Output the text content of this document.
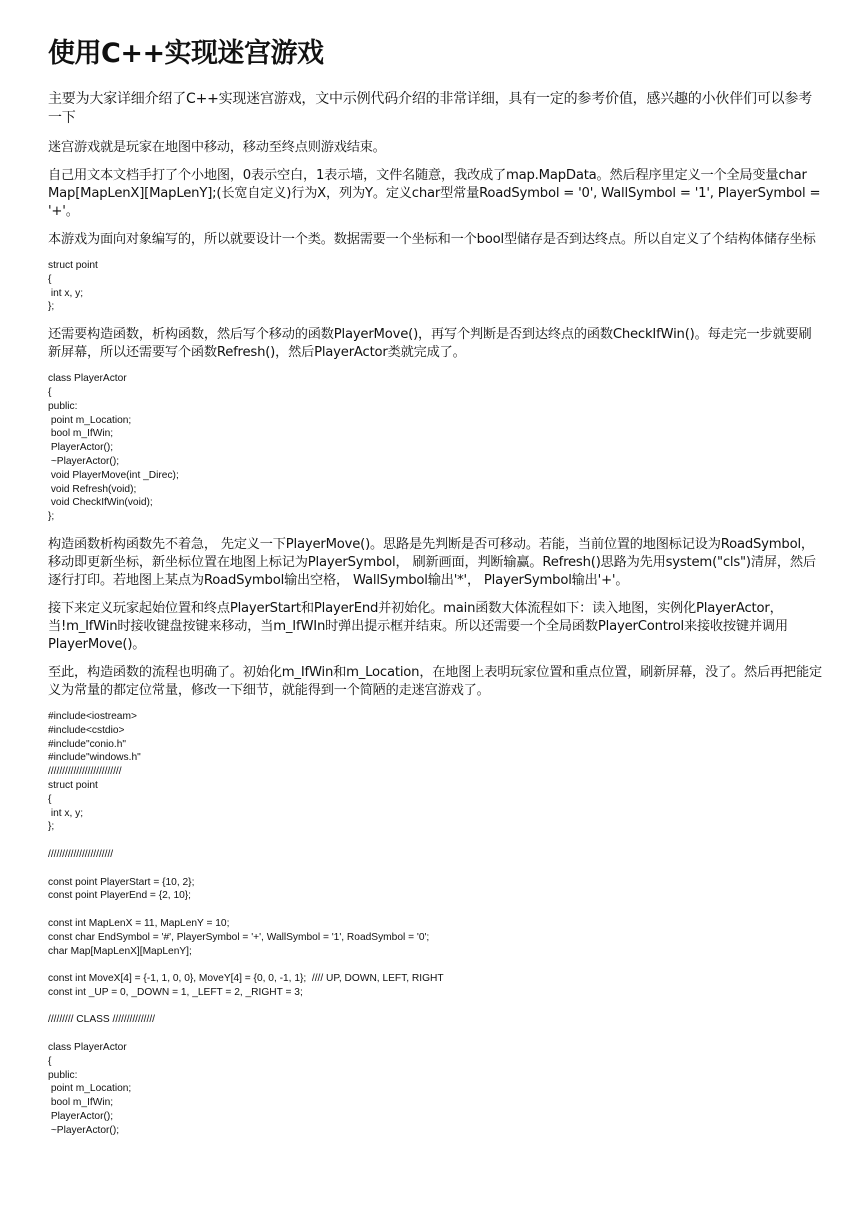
使用C++实现迷宫游戏

主要为大家详细介绍了C++实现迷宫游戏，文中示例代码介绍的非常详细，具有一定的参考价值，感兴趣的小伙伴们可以参考一下

迷宫游戏就是玩家在地图中移动，移动至终点则游戏结束。

自己用文本文档手打了个小地图，0表示空白，1表示墙，文件名随意，我改成了map.MapData。然后程序里定义一个全局变量char Map[MapLenX][MapLenY];(长宽自定义)行为X，列为Y。定义char型常量RoadSymbol = '0', WallSymbol = '1', PlayerSymbol = '+'。

本游戏为面向对象编写的，所以就要设计一个类。数据需要一个坐标和一个bool型储存是否到达终点。所以自定义了个结构体储存坐标

struct point
{
int x, y;
};

还需要构造函数，析构函数，然后写个移动的函数PlayerMove()，再写个判断是否到达终点的函数CheckIfWin()。每走完一步就要刷新屏幕，所以还需要写个函数Refresh()，然后PlayerActor类就完成了。

class PlayerActor
{
public:
point m_Location;
bool m_IfWin;
PlayerActor();
~PlayerActor();
void PlayerMove(int _Direc);
void Refresh(void);
void CheckIfWin(void);
};

构造函数析构函数先不着急， 先定义一下PlayerMove()。思路是先判断是否可移动。若能，当前位置的地图标记设为RoadSymbol， 移动即更新坐标，新坐标位置在地图上标记为PlayerSymbol， 刷新画面，判断输赢。Refresh()思路为先用system("cls")清屏，然后逐行打印。若地图上某点为RoadSymbol输出空格， WallSymbol输出'*'， PlayerSymbol输出'+'。

接下来定义玩家起始位置和终点PlayerStart和PlayerEnd并初始化。main函数大体流程如下：读入地图，实例化PlayerActor，当!m_IfWin时接收键盘按键来移动，当m_IfWIn时弹出提示框并结束。所以还需要一个全局函数PlayerControl来接收按键并调用PlayerMove()。

至此，构造函数的流程也明确了。初始化m_IfWin和m_Location，在地图上表明玩家位置和重点位置，刷新屏幕，没了。然后再把能定义为常量的都定位常量，修改一下细节，就能得到一个简陋的走迷宫游戏了。

#include<iostream>
#include<cstdio>
#include"conio.h"
#include"windows.h"
//////////////////////////
struct point
{
int x, y;
};

///////////////////////

const point PlayerStart = {10, 2};
const point PlayerEnd = {2, 10};

const int MapLenX = 11, MapLenY = 10;
const char EndSymbol = '#', PlayerSymbol = '+', WallSymbol = '1', RoadSymbol = '0';
char Map[MapLenX][MapLenY];

const int MoveX[4] = {-1, 1, 0, 0}, MoveY[4] = {0, 0, -1, 1};  //// UP, DOWN, LEFT, RIGHT
const int _UP = 0, _DOWN = 1, _LEFT = 2, _RIGHT = 3;

///////// CLASS ///////////////

class PlayerActor
{
public:
point m_Location;
bool m_IfWin;
PlayerActor();
~PlayerActor();
